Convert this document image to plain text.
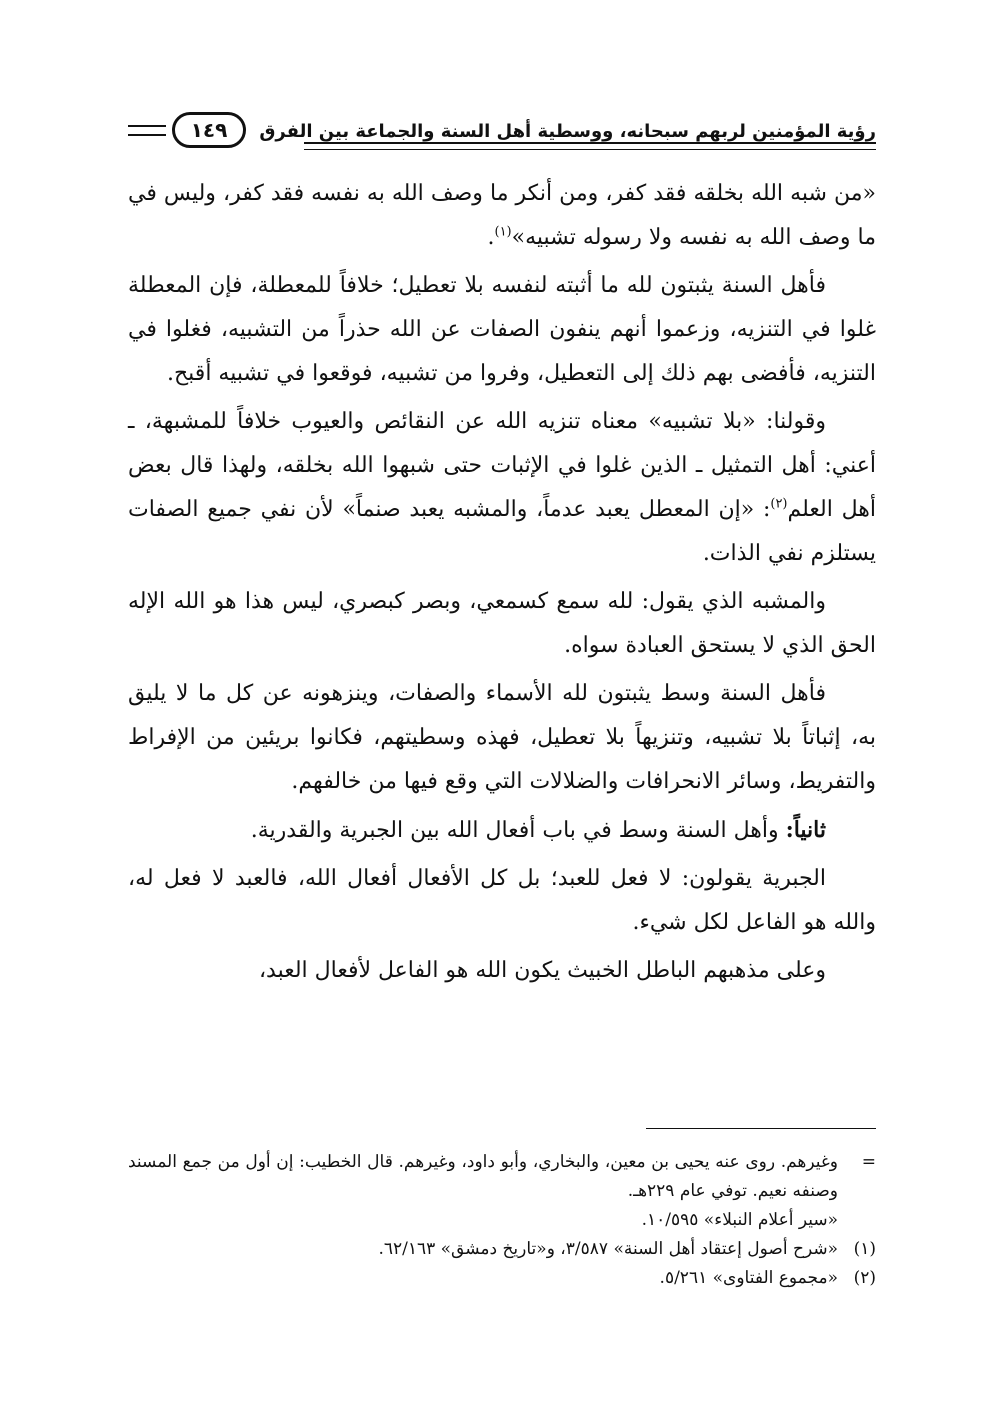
رؤية المؤمنين لربهم سبحانه، ووسطية أهل السنة والجماعة بين الفرق
١٤٩

«من شبه الله بخلقه فقد كفر، ومن أنكر ما وصف الله به نفسه فقد كفر، وليس في ما وصف الله به نفسه ولا رسوله تشبيه»$^{(١)}$.

فأهل السنة يثبتون لله ما أثبته لنفسه بلا تعطيل؛ خلافاً للمعطلة، فإن المعطلة غلوا في التنزيه، وزعموا أنهم ينفون الصفات عن الله حذراً من التشبيه، فغلوا في التنزيه، فأفضى بهم ذلك إلى التعطيل، وفروا من تشبيه، فوقعوا في تشبيه أقبح.

وقولنا: «بلا تشبيه» معناه تنزيه الله عن النقائص والعيوب خلافاً للمشبهة، ـ أعني: أهل التمثيل ـ الذين غلوا في الإثبات حتى شبهوا الله بخلقه، ولهذا قال بعض أهل العلم$^{(٢)}$: «إن المعطل يعبد عدماً، والمشبه يعبد صنماً» لأن نفي جميع الصفات يستلزم نفي الذات.

والمشبه الذي يقول: لله سمع كسمعي، وبصر كبصري، ليس هذا هو الله الإله الحق الذي لا يستحق العبادة سواه.

فأهل السنة وسط يثبتون لله الأسماء والصفات، وينزهونه عن كل ما لا يليق به، إثباتاً بلا تشبيه، وتنزيهاً بلا تعطيل، فهذه وسطيتهم، فكانوا بريئين من الإفراط والتفريط، وسائر الانحرافات والضلالات التي وقع فيها من خالفهم.

ثانياً: وأهل السنة وسط في باب أفعال الله بين الجبرية والقدرية.

الجبرية يقولون: لا فعل للعبد؛ بل كل الأفعال أفعال الله، فالعبد لا فعل له، والله هو الفاعل لكل شيء.

وعلى مذهبهم الباطل الخبيث يكون الله هو الفاعل لأفعال العبد،

=
وغيرهم. روى عنه يحيى بن معين، والبخاري، وأبو داود، وغيرهم. قال الخطيب: إن أول من جمع المسند وصنفه نعيم. توفي عام ٢٢٩هـ.
«سير أعلام النبلاء» ١٠/٥٩٥.
(١)
«شرح أصول إعتقاد أهل السنة» ٣/٥٨٧، و«تاريخ دمشق» ٦٢/١٦٣.
(٢)
«مجموع الفتاوى» ٥/٢٦١.
